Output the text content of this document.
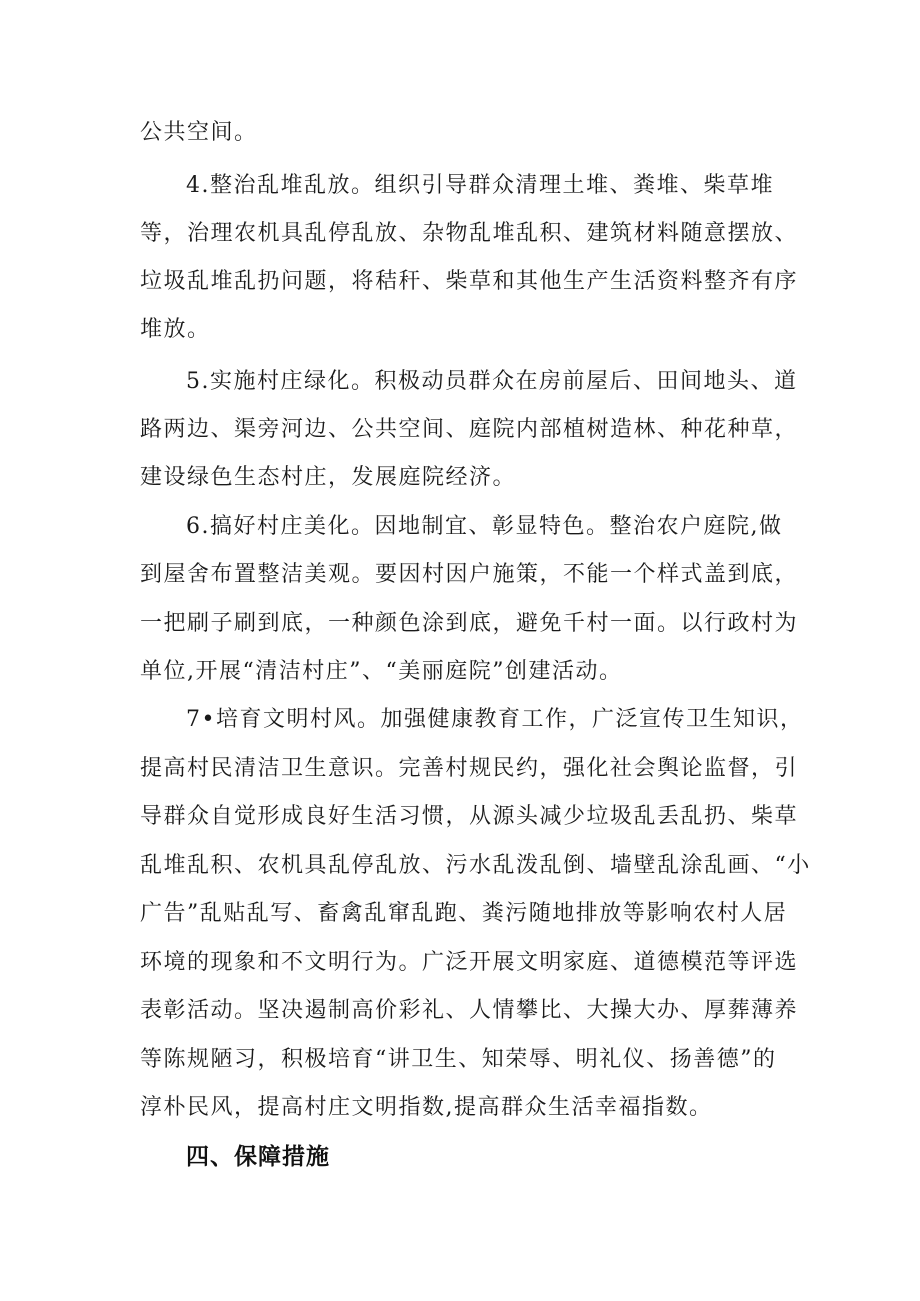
公共空间。
4.整治乱堆乱放。组织引导群众清理土堆、粪堆、柴草堆
等，治理农机具乱停乱放、杂物乱堆乱积、建筑材料随意摆放、
垃圾乱堆乱扔问题，将秸秆、柴草和其他生产生活资料整齐有序
堆放。
5.实施村庄绿化。积极动员群众在房前屋后、田间地头、道
路两边、渠旁河边、公共空间、庭院内部植树造林、种花种草，
建设绿色生态村庄，发展庭院经济。
6.搞好村庄美化。因地制宜、彰显特色。整治农户庭院,做
到屋舍布置整洁美观。要因村因户施策，不能一个样式盖到底，
一把刷子刷到底，一种颜色涂到底，避免千村一面。以行政村为
单位,开展“清洁村庄”、“美丽庭院”创建活动。
7•培育文明村风。加强健康教育工作，广泛宣传卫生知识，
提高村民清洁卫生意识。完善村规民约，强化社会舆论监督，引
导群众自觉形成良好生活习惯，从源头减少垃圾乱丢乱扔、柴草
乱堆乱积、农机具乱停乱放、污水乱泼乱倒、墙壁乱涂乱画、“小
广告”乱贴乱写、畜禽乱窜乱跑、粪污随地排放等影响农村人居
环境的现象和不文明行为。广泛开展文明家庭、道德模范等评选
表彰活动。坚决遏制高价彩礼、人情攀比、大操大办、厚葬薄养
等陈规陋习，积极培育“讲卫生、知荣辱、明礼仪、扬善德”的
淳朴民风，提高村庄文明指数,提高群众生活幸福指数。
四、保障措施
